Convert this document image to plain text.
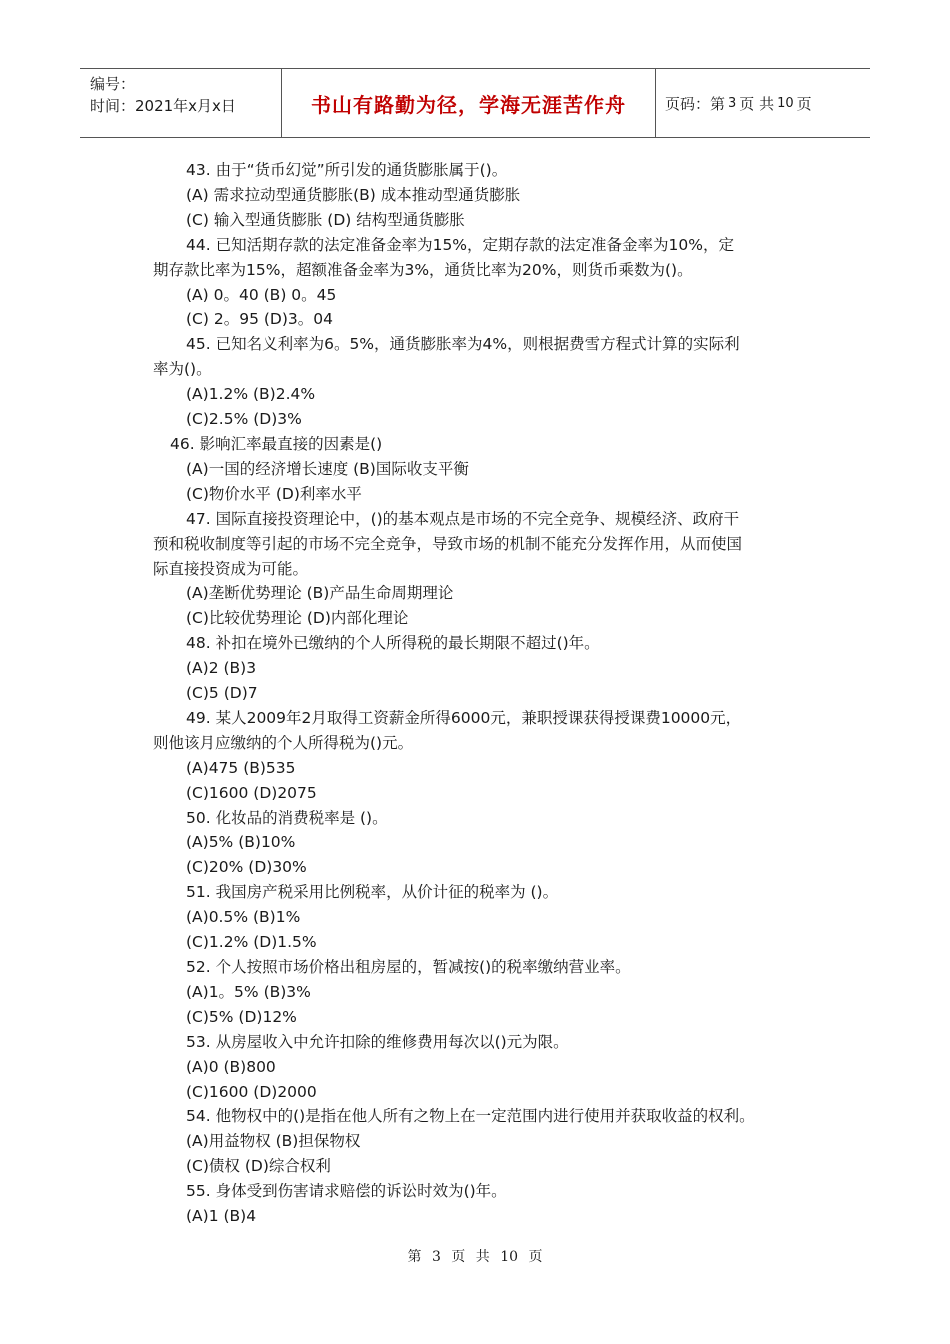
编号：
时间：2021年x月x日	书山有路勤为径，学海无涯苦作舟	页码：第 3 页 共 10 页
43. 由于“货币幻觉”所引发的通货膨胀属于()。
(A) 需求拉动型通货膨胀(B) 成本推动型通货膨胀
(C) 输入型通货膨胀 (D) 结构型通货膨胀
44. 已知活期存款的法定准备金率为15%，定期存款的法定准备金率为10%，定
期存款比率为15%，超额准备金率为3%，通货比率为20%，则货币乘数为()。
(A) 0。40 (B) 0。45
(C) 2。95 (D)3。04
45. 已知名义利率为6。5%，通货膨胀率为4%，则根据费雪方程式计算的实际利
率为()。
(A)1.2% (B)2.4%
(C)2.5% (D)3%
46. 影响汇率最直接的因素是()
(A)一国的经济增长速度 (B)国际收支平衡
(C)物价水平 (D)利率水平
47. 国际直接投资理论中，()的基本观点是市场的不完全竞争、规模经济、政府干
预和税收制度等引起的市场不完全竞争，导致市场的机制不能充分发挥作用，从而使国
际直接投资成为可能。
(A)垄断优势理论 (B)产品生命周期理论
(C)比较优势理论 (D)内部化理论
48. 补扣在境外已缴纳的个人所得税的最长期限不超过()年。
(A)2 (B)3
(C)5 (D)7
49. 某人2009年2月取得工资薪金所得6000元，兼职授课获得授课费10000元，
则他该月应缴纳的个人所得税为()元。
(A)475 (B)535
(C)1600 (D)2075
50. 化妆品的消费税率是 ()。
(A)5% (B)10%
(C)20% (D)30%
51. 我国房产税采用比例税率，从价计征的税率为 ()。
(A)0.5% (B)1%
(C)1.2% (D)1.5%
52. 个人按照市场价格出租房屋的，暂减按()的税率缴纳营业率。
(A)1。5% (B)3%
(C)5% (D)12%
53. 从房屋收入中允许扣除的维修费用每次以()元为限。
(A)0 (B)800
(C)1600 (D)2000
54. 他物权中的()是指在他人所有之物上在一定范围内进行使用并获取收益的权利。
(A)用益物权 (B)担保物权
(C)债权 (D)综合权利
55. 身体受到伤害请求赔偿的诉讼时效为()年。
(A)1 (B)4
第 3 页 共 10 页
